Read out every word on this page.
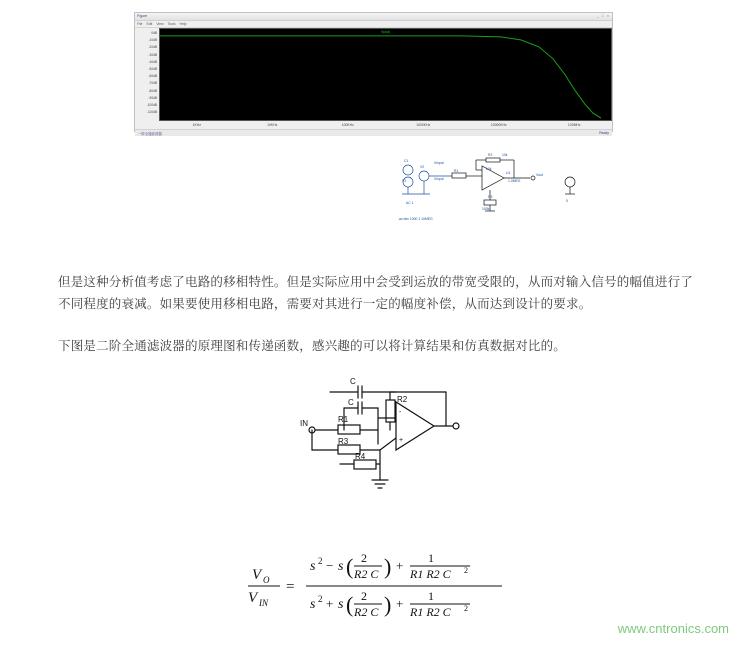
Figure	_ □ ×
File Edit View Tools Help
0dB
-10dB
-20dB
-30dB
-40dB
-50dB
-60dB
-70dB
-80dB
-90dB
-100dB
-110dB
V(out)
1KHz	10KHz	100KHz	1000KHz	10000KHz	100MHz
一阶全通滤波器	Ready
C1
V2
V1
Vinput
Vinput
R1
R2
R3
U1	Vout
AC 1
10k
10k
100k
1.0MEG
0
.ac dec 1000 1 10MEG

但是这种分析值考虑了电路的移相特性。但是实际应用中会受到运放的带宽受限的，从而对输入信号的幅值进行了不同程度的衰减。如果要使用移相电路，需要对其进行一定的幅度补偿，从而达到设计的要求。

下图是二阶全通滤波器的原理图和传递函数，感兴趣的可以将计算结果和仿真数据对比的。

IN
C
C
R1
R2
R3
R4
-
+
V O
V IN
=
s 2 − s ( 2
R2 C ) + 1
R1 R2 C 2
s 2 + s ( 2
R2 C ) + 1
R1 R2 C 2
www.cntronics.com
